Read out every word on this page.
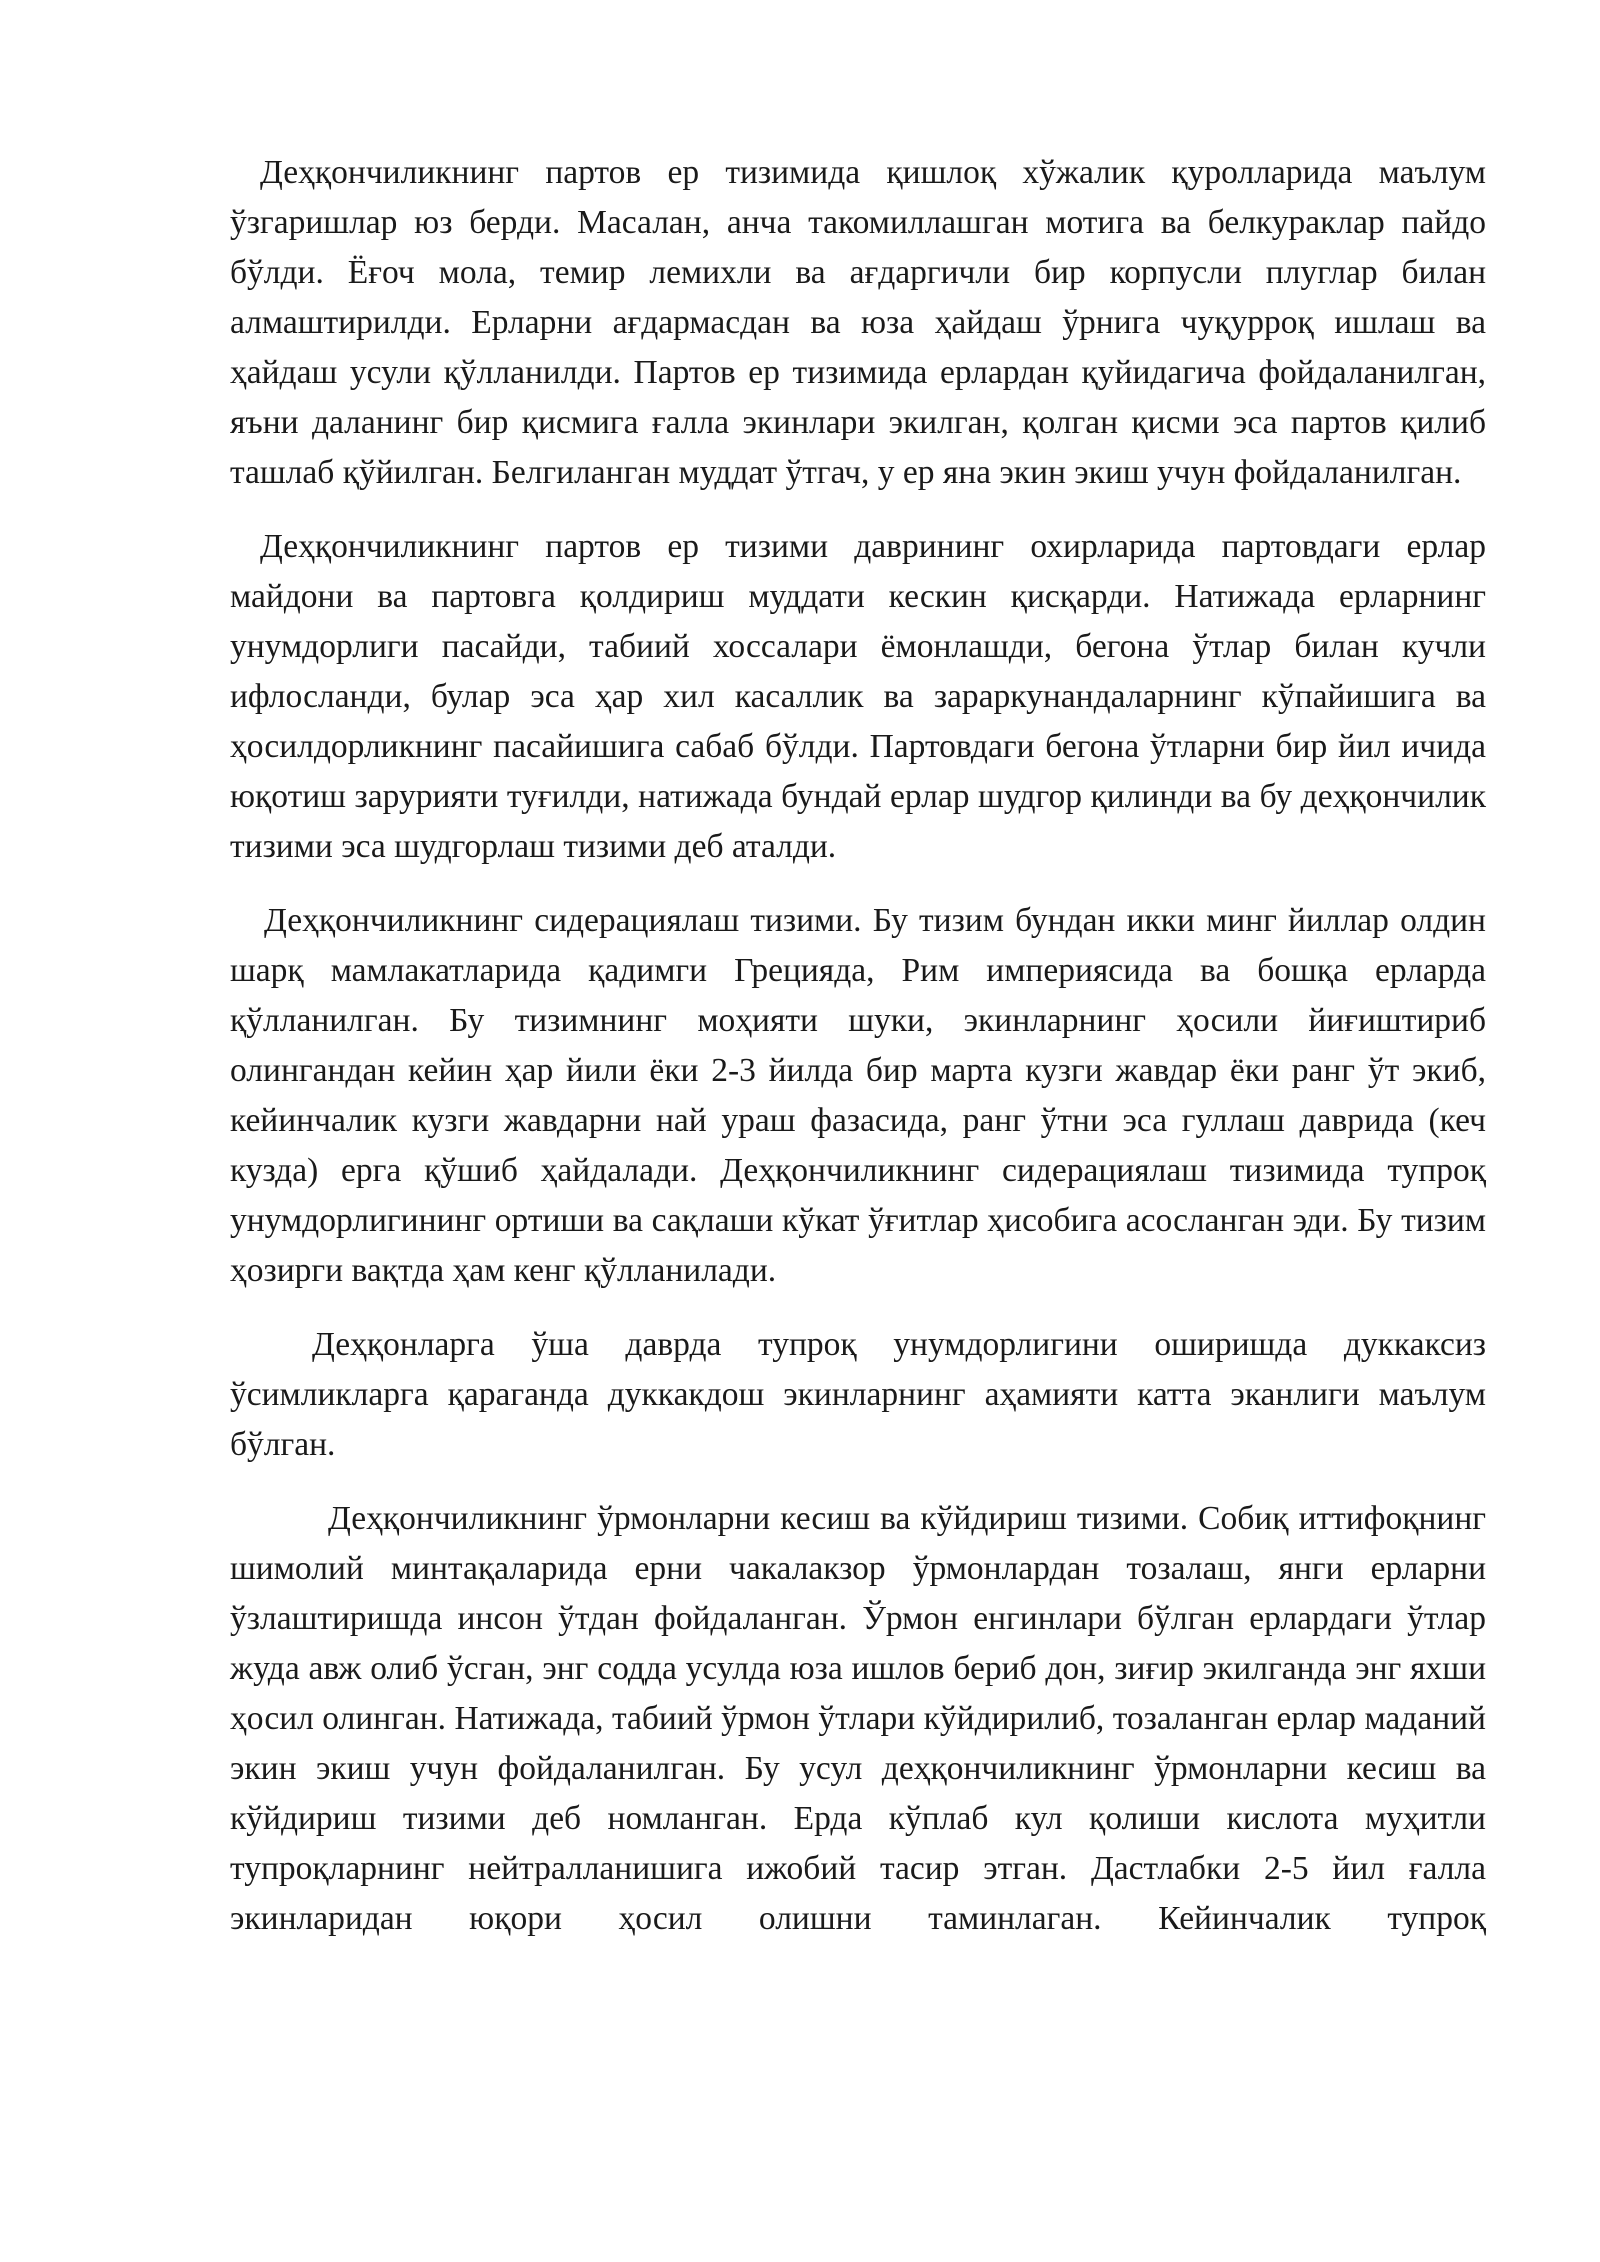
Деҳқончиликнинг партов ер тизимида қишлоқ хўжалик қуролларида маълум ўзгаришлар юз берди. Масалан, анча такомиллашган мотига ва белкураклар пайдо бўлди. Ёғоч мола, темир лемихли ва ағдаргичли бир корпусли плуглар билан алмаштирилди. Ерларни ағдармасдан ва юза ҳайдаш ўрнига чуқурроқ ишлаш ва ҳайдаш усули қўлланилди. Партов ер тизимида ерлардан қуйидагича фойдаланилган, яъни даланинг бир қисмига ғалла экинлари экилган, қолган қисми эса партов қилиб ташлаб қўйилган. Белгиланган муддат ўтгач, у ер яна экин экиш учун фойдаланилган.

Деҳқончиликнинг партов ер тизими даврининг охирларида партовдаги ерлар майдони ва партовга қолдириш муддати кескин қисқарди. Натижада ерларнинг унумдорлиги пасайди, табиий хоссалари ёмонлашди, бегона ўтлар билан кучли ифлосланди, булар эса ҳар хил касаллик ва зараркунандаларнинг кўпайишига ва ҳосилдорликнинг пасайишига сабаб бўлди. Партовдаги бегона ўтларни бир йил ичида юқотиш зарурияти туғилди, натижада бундай ерлар шудгор қилинди ва бу деҳқончилик тизими эса шудгорлаш тизими деб аталди.

Деҳқончиликнинг сидерациялаш тизими. Бу тизим бундан икки минг йиллар олдин шарқ мамлакатларида қадимги Грецияда, Рим империясида ва бошқа ерларда қўлланилган. Бу тизимнинг моҳияти шуки, экинларнинг ҳосили йиғиштириб олингандан кейин ҳар йили ёки 2-3 йилда бир марта кузги жавдар ёки ранг ўт экиб, кейинчалик кузги жавдарни най ураш фазасида, ранг ўтни эса гуллаш даврида (кеч кузда) ерга қўшиб ҳайдалади. Деҳқончиликнинг сидерациялаш тизимида тупроқ унумдорлигининг ортиши ва сақлаши кўкат ўғитлар ҳисобига асосланган эди. Бу тизим ҳозирги вақтда ҳам кенг қўлланилади.

Деҳқонларга ўша даврда тупроқ унумдорлигини оширишда дуккаксиз ўсимликларга қараганда дуккакдош экинларнинг аҳамияти катта эканлиги маълум бўлган.

Деҳқончиликнинг ўрмонларни кесиш ва кўйдириш тизими. Собиқ иттифоқнинг шимолий минтақаларида ерни чакалакзор ўрмонлардан тозалаш, янги ерларни ўзлаштиришда инсон ўтдан фойдаланган. Ўрмон енгинлари бўлган ерлардаги ўтлар жуда авж олиб ўсган, энг содда усулда юза ишлов бериб дон, зиғир экилганда энг яхши ҳосил олинган. Натижада, табиий ўрмон ўтлари кўйдирилиб, тозаланган ерлар маданий экин экиш учун фойдаланилган. Бу усул деҳқончиликнинг ўрмонларни кесиш ва кўйдириш тизими деб номланган. Ерда кўплаб кул қолиши кислота муҳитли тупроқларнинг нейтралланишига ижобий тасир этган. Дастлабки 2-5 йил ғалла экинларидан юқори ҳосил олишни таминлаган. Кейинчалик тупроқ
